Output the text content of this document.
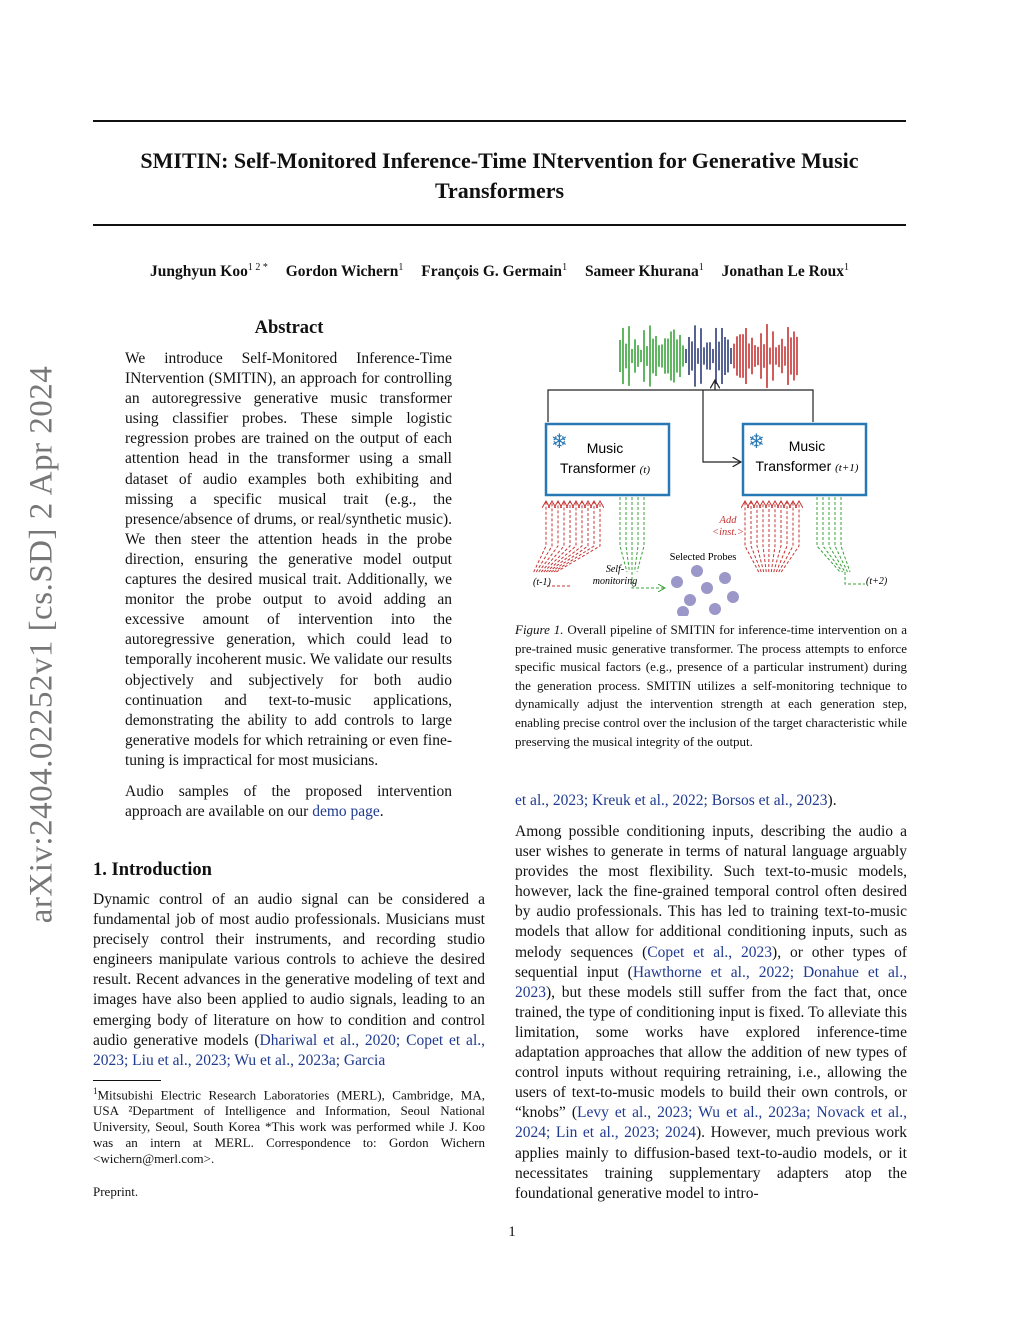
SMITIN: Self-Monitored Inference-Time INtervention for Generative Music
Transformers
Junghyun Koo$^{1 2 *}$ Gordon Wichern$^1$ François G. Germain$^1$ Sameer Khurana$^1$ Jonathan Le Roux$^1$
arXiv:2404.02252v1 [cs.SD] 2 Apr 2024
Abstract

We introduce Self-Monitored Inference-Time INtervention (SMITIN), an approach for controlling an autoregressive generative music transformer using classifier probes. These simple logistic regression probes are trained on the output of each attention head in the transformer using a small dataset of audio examples both exhibiting and missing a specific musical trait (e.g., the presence/absence of drums, or real/synthetic music). We then steer the attention heads in the probe direction, ensuring the generative model output captures the desired musical trait. Additionally, we monitor the probe output to avoid adding an excessive amount of intervention into the autoregressive generation, which could lead to temporally incoherent music. We validate our results objectively and subjectively for both audio continuation and text-to-music applications, demonstrating the ability to add controls to large generative models for which retraining or even fine-tuning is impractical for most musicians.

Audio samples of the proposed intervention approach are available on our demo page.

1. Introduction
Dynamic control of an audio signal can be considered a fundamental job of most audio professionals. Musicians must precisely control their instruments, and recording studio engineers manipulate various controls to achieve the desired result. Recent advances in the generative modeling of text and images have also been applied to audio signals, leading to an emerging body of literature on how to condition and control audio generative models (Dhariwal et al., 2020; Copet et al., 2023; Liu et al., 2023; Wu et al., 2023a; Garcia
$^1$Mitsubishi Electric Research Laboratories (MERL), Cambridge, MA, USA ²Department of Intelligence and Information, Seoul National University, Seoul, South Korea *This work was performed while J. Koo was an intern at MERL. Correspondence to: Gordon Wichern <wichern@merl.com>.
Preprint.
❄	❄
Music
Transformer (t)
Music
Transformer (t+1)
Selected Probes
Add
<inst.>
Self-
monitoring
(t-1)	(t+2)
Figure 1. Overall pipeline of SMITIN for inference-time intervention on a pre-trained music generative transformer. The process attempts to enforce specific musical factors (e.g., presence of a particular instrument) during the generation process. SMITIN utilizes a self-monitoring technique to dynamically adjust the intervention strength at each generation step, enabling precise control over the inclusion of the target characteristic while preserving the musical integrity of the output.
et al., 2023; Kreuk et al., 2022; Borsos et al., 2023).
Among possible conditioning inputs, describing the audio a user wishes to generate in terms of natural language arguably provides the most flexibility. Such text-to-music models, however, lack the fine-grained temporal control often desired by audio professionals. This has led to training text-to-music models that allow for additional conditioning inputs, such as melody sequences (Copet et al., 2023), or other types of sequential input (Hawthorne et al., 2022; Donahue et al., 2023), but these models still suffer from the fact that, once trained, the type of conditioning input is fixed. To alleviate this limitation, some works have explored inference-time adaptation approaches that allow the addition of new types of control inputs without requiring retraining, i.e., allowing the users of text-to-music models to build their own controls, or “knobs” (Levy et al., 2023; Wu et al., 2023a; Novack et al., 2024; Lin et al., 2023; 2024). However, much previous work applies mainly to diffusion-based text-to-audio models, or it necessitates training supplementary adapters atop the foundational generative model to intro-
1
